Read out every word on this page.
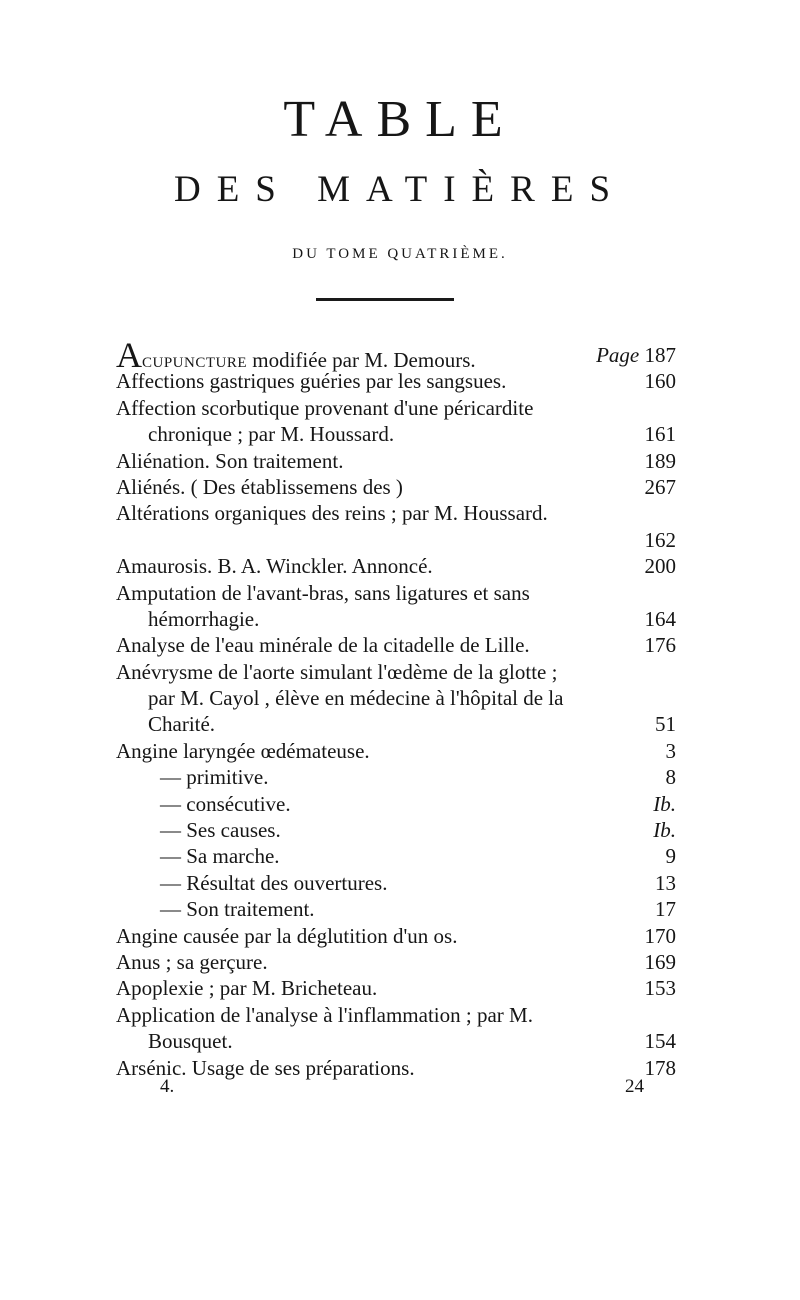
TABLE
DES MATIÈRES
DU TOME QUATRIÈME.
ACUPUNCTURE modifiée par M. Demours.	Page 187
Affections gastriques guéries par les sangsues.	160
Affection scorbutique provenant d'une péricardite
chronique ; par M. Houssard.	161
Aliénation. Son traitement.	189
Aliénés. ( Des établissemens des )	267
Altérations organiques des reins ; par M. Houssard.
162
Amaurosis. B. A. Winckler. Annoncé.	200
Amputation de l'avant-bras, sans ligatures et sans
hémorrhagie.	164
Analyse de l'eau minérale de la citadelle de Lille.	176
Anévrysme de l'aorte simulant l'œdème de la glotte ;
par M. Cayol , élève en médecine à l'hôpital de la
Charité.	51
Angine laryngée œdémateuse.	3
— primitive.	8
— consécutive.	Ib.
— Ses causes.	Ib.
— Sa marche.	9
— Résultat des ouvertures.	13
— Son traitement.	17
Angine causée par la déglutition d'un os.	170
Anus ; sa gerçure.	169
Apoplexie ; par M. Bricheteau.	153
Application de l'analyse à l'inflammation ; par M.
Bousquet.	154
Arsénic. Usage de ses préparations.	178
4.	24
